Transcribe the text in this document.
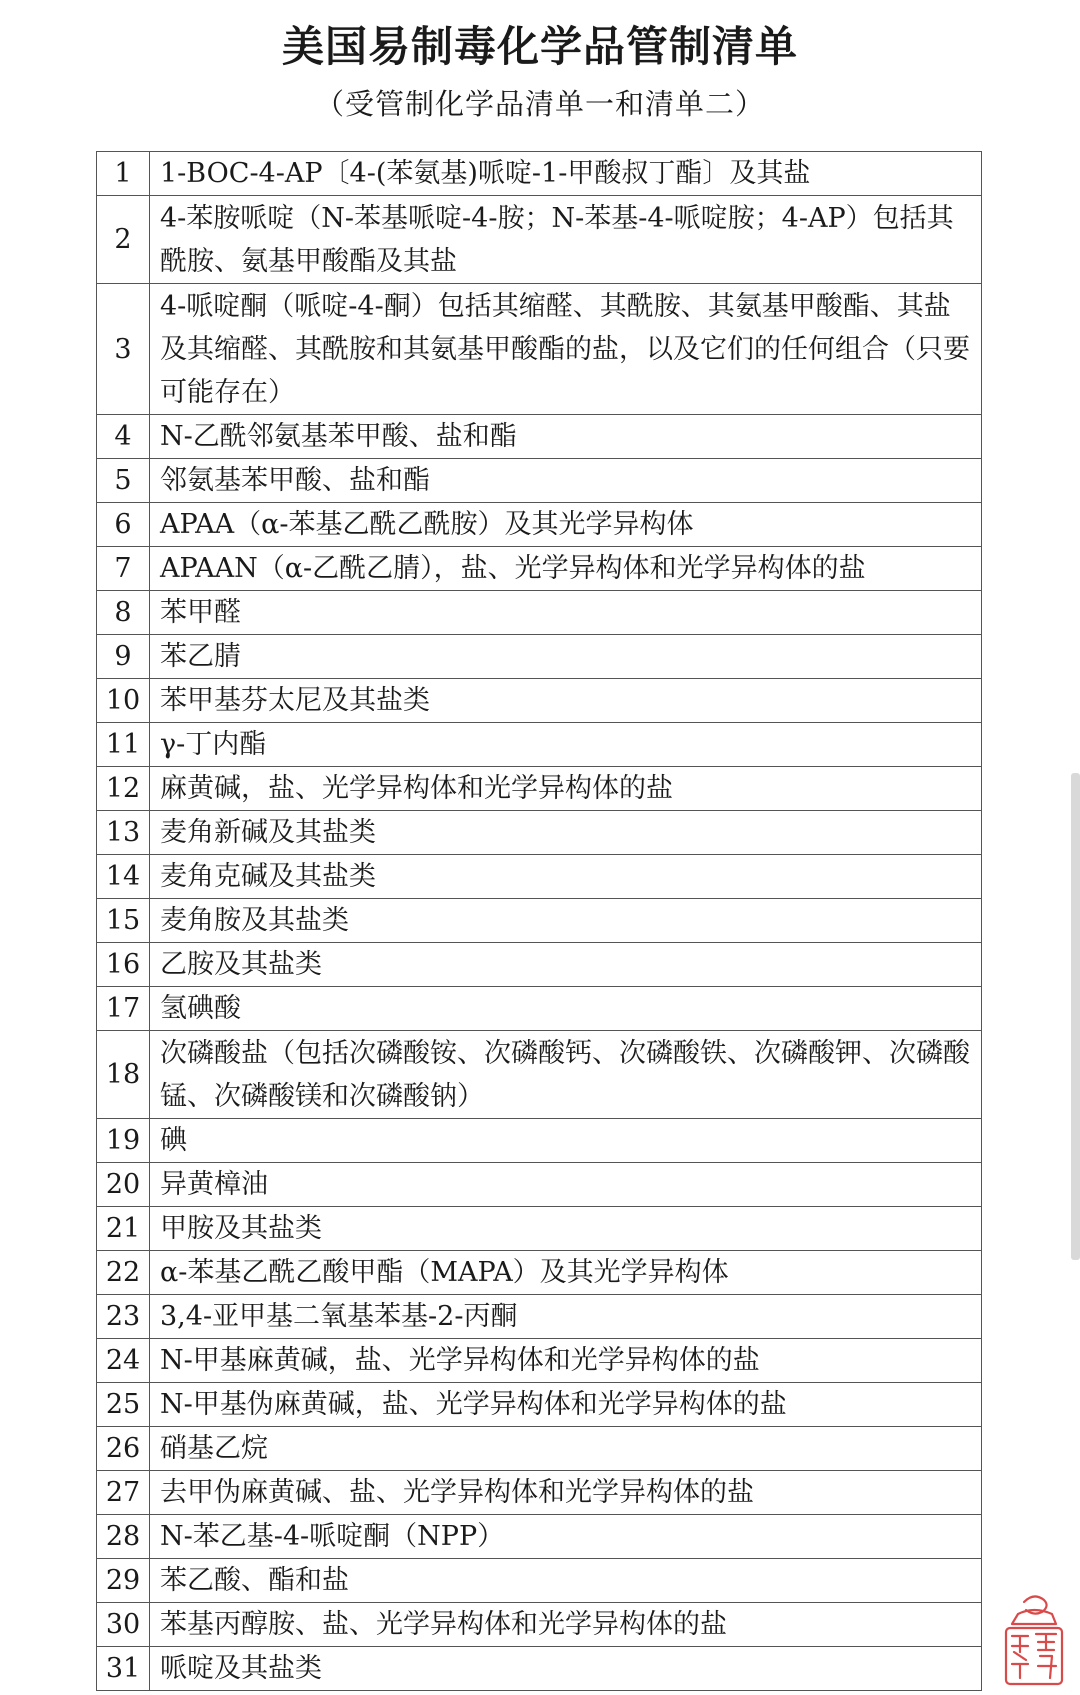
美国易制毒化学品管制清单
（受管制化学品清单一和清单二）
1	1-BOC-4-AP〔4-(苯氨基)哌啶-1-甲酸叔丁酯〕及其盐
2	4-苯胺哌啶（N-苯基哌啶-4-胺；N-苯基-4-哌啶胺；4-AP）包括其酰胺、氨基甲酸酯及其盐
3	4-哌啶酮（哌啶-4-酮）包括其缩醛、其酰胺、其氨基甲酸酯、其盐及其缩醛、其酰胺和其氨基甲酸酯的盐，以及它们的任何组合（只要可能存在）
4	N-乙酰邻氨基苯甲酸、盐和酯
5	邻氨基苯甲酸、盐和酯
6	APAA（α-苯基乙酰乙酰胺）及其光学异构体
7	APAAN（α-乙酰乙腈），盐、光学异构体和光学异构体的盐
8	苯甲醛
9	苯乙腈
10	苯甲基芬太尼及其盐类
11	γ-丁内酯
12	麻黄碱，盐、光学异构体和光学异构体的盐
13	麦角新碱及其盐类
14	麦角克碱及其盐类
15	麦角胺及其盐类
16	乙胺及其盐类
17	氢碘酸
18	次磷酸盐（包括次磷酸铵、次磷酸钙、次磷酸铁、次磷酸钾、次磷酸锰、次磷酸镁和次磷酸钠）
19	碘
20	异黄樟油
21	甲胺及其盐类
22	α-苯基乙酰乙酸甲酯（MAPA）及其光学异构体
23	3,4-亚甲基二氧基苯基-2-丙酮
24	N-甲基麻黄碱，盐、光学异构体和光学异构体的盐
25	N-甲基伪麻黄碱，盐、光学异构体和光学异构体的盐
26	硝基乙烷
27	去甲伪麻黄碱、盐、光学异构体和光学异构体的盐
28	N-苯乙基-4-哌啶酮（NPP）
29	苯乙酸、酯和盐
30	苯基丙醇胺、盐、光学异构体和光学异构体的盐
31	哌啶及其盐类
